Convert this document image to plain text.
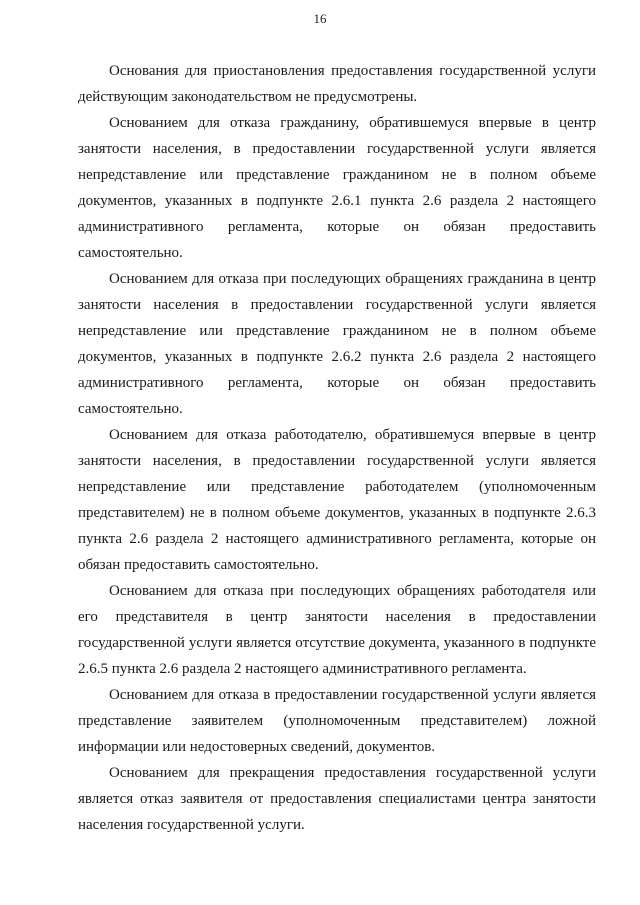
16

Основания для приостановления предоставления государственной услуги действующим законодательством не предусмотрены.

Основанием для отказа гражданину, обратившемуся впервые в центр занятости населения, в предоставлении государственной услуги является непредставление или представление гражданином не в полном объеме документов, указанных в подпункте 2.6.1 пункта 2.6 раздела 2 настоящего административного регламента, которые он обязан предоставить самостоятельно.

Основанием для отказа при последующих обращениях гражданина в центр занятости населения в предоставлении государственной услуги является непредставление или представление гражданином не в полном объеме документов, указанных в подпункте 2.6.2 пункта 2.6 раздела 2 настоящего административного регламента, которые он обязан предоставить самостоятельно.

Основанием для отказа работодателю, обратившемуся впервые в центр занятости населения, в предоставлении государственной услуги является непредставление или представление работодателем (уполномоченным представителем) не в полном объеме документов, указанных в подпункте 2.6.3 пункта 2.6 раздела 2 настоящего административного регламента, которые он обязан предоставить самостоятельно.

Основанием для отказа при последующих обращениях работодателя или его представителя в центр занятости населения в предоставлении государственной услуги является отсутствие документа, указанного в подпункте 2.6.5 пункта 2.6 раздела 2 настоящего административного регламента.

Основанием для отказа в предоставлении государственной услуги является представление заявителем (уполномоченным представителем) ложной информации или недостоверных сведений, документов.

Основанием для прекращения предоставления государственной услуги является отказ заявителя от предоставления специалистами центра занятости населения государственной услуги.
